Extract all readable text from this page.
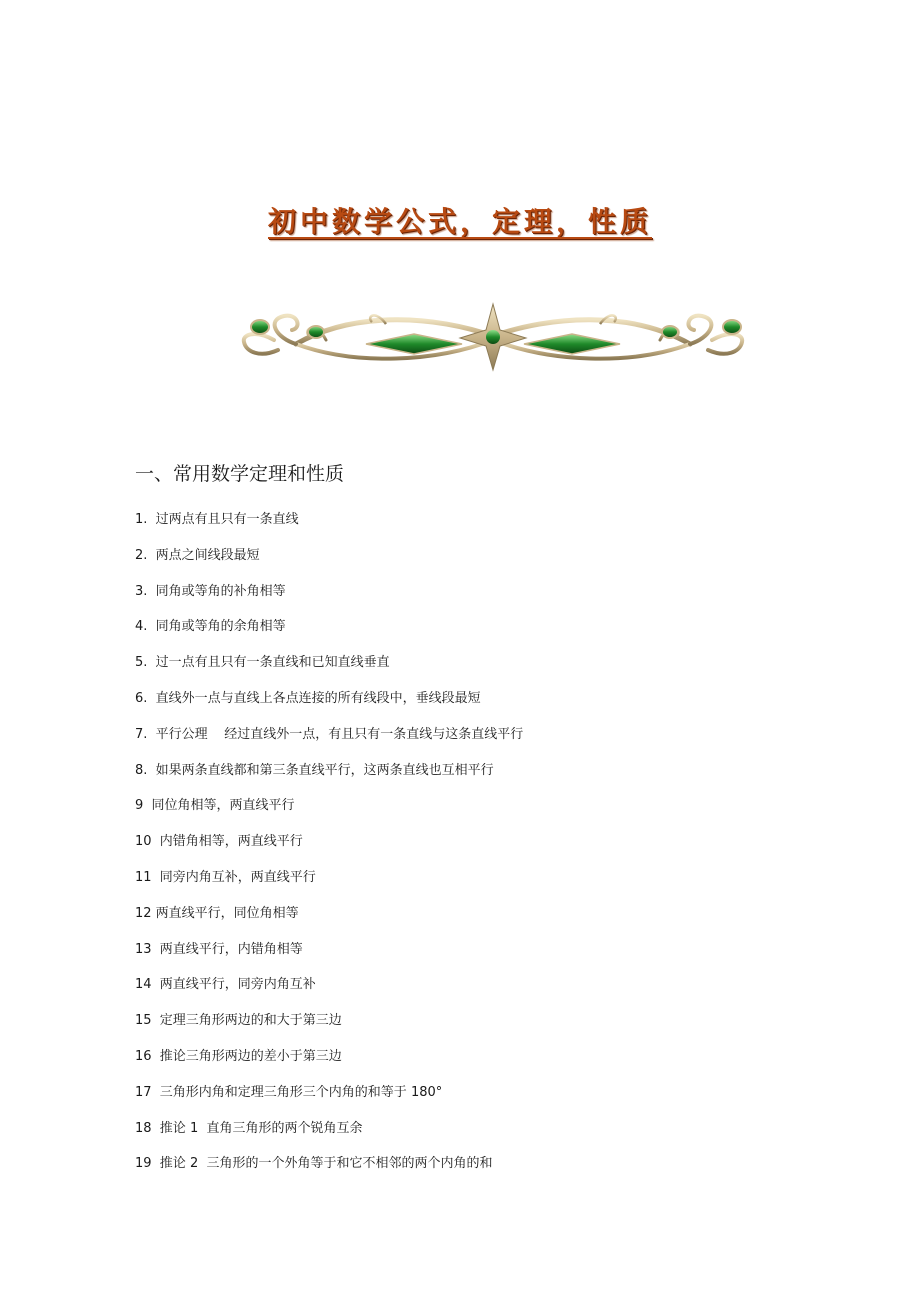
初中数学公式，定理，性质
一、常用数学定理和性质
1.  过两点有且只有一条直线
2.  两点之间线段最短
3.  同角或等角的补角相等
4.  同角或等角的余角相等
5.  过一点有且只有一条直线和已知直线垂直
6.  直线外一点与直线上各点连接的所有线段中，垂线段最短
7.  平行公理    经过直线外一点，有且只有一条直线与这条直线平行
8.  如果两条直线都和第三条直线平行，这两条直线也互相平行
9  同位角相等，两直线平行
10  内错角相等，两直线平行
11  同旁内角互补，两直线平行
12 两直线平行，同位角相等
13  两直线平行，内错角相等
14  两直线平行，同旁内角互补
15  定理三角形两边的和大于第三边
16  推论三角形两边的差小于第三边
17  三角形内角和定理三角形三个内角的和等于 180°
18  推论 1  直角三角形的两个锐角互余
19  推论 2  三角形的一个外角等于和它不相邻的两个内角的和
